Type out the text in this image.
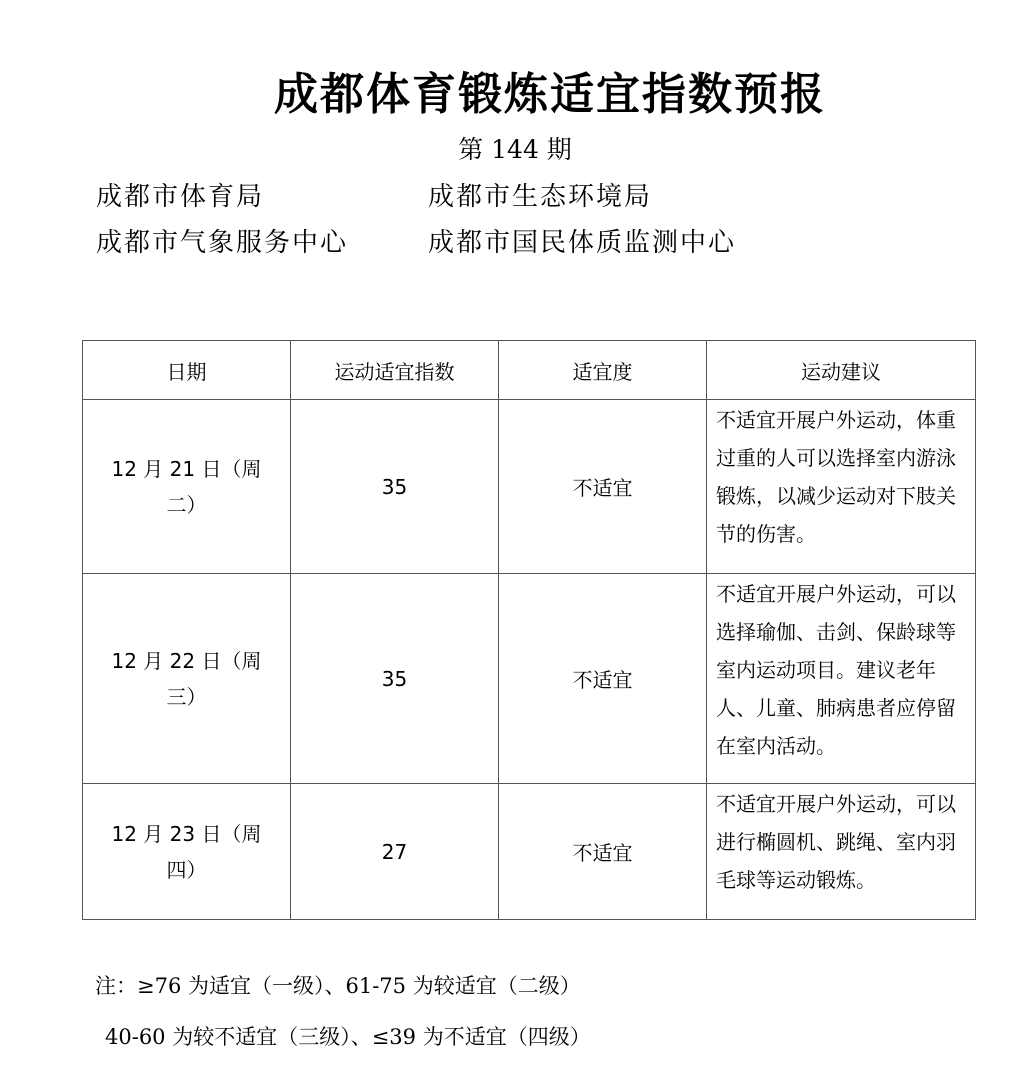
成都体育锻炼适宜指数预报
第 144 期
成都市体育局	成都市生态环境局
成都市气象服务中心	成都市国民体质监测中心
日期	运动适宜指数	适宜度	运动建议
12 月 21 日（周二）	35	不适宜	不适宜开展户外运动，体重过重的人可以选择室内游泳锻炼，以减少运动对下肢关节的伤害。
12 月 22 日（周三）	35	不适宜	不适宜开展户外运动，可以选择瑜伽、击剑、保龄球等室内运动项目。建议老年人、儿童、肺病患者应停留在室内活动。
12 月 23 日（周四）	27	不适宜	不适宜开展户外运动，可以进行椭圆机、跳绳、室内羽毛球等运动锻炼。
注：≥76 为适宜（一级）、61-75 为较适宜（二级）
40-60 为较不适宜（三级）、≤39 为不适宜（四级）
